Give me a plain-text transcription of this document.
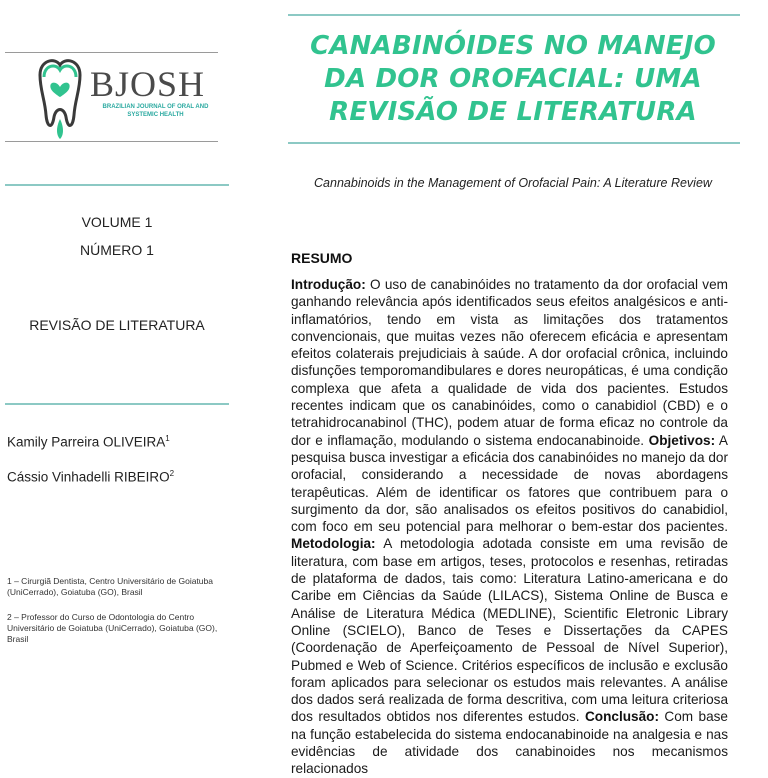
BJOSH
BRAZILIAN JOURNAL OF ORAL AND SYSTEMIC HEALTH
VOLUME 1
NÚMERO 1
REVISÃO DE LITERATURA
Kamily Parreira OLIVEIRA$^1$
Cássio Vinhadelli RIBEIRO$^2$
1 – Cirurgiã Dentista, Centro Universitário de Goiatuba (UniCerrado), Goiatuba (GO), Brasil
2 – Professor do Curso de Odontologia do Centro Universitário de Goiatuba (UniCerrado), Goiatuba (GO), Brasil
CANABINÓIDES NO MANEJO DA DOR OROFACIAL: UMA REVISÃO DE LITERATURA
Cannabinoids in the Management of Orofacial Pain: A Literature Review
RESUMO
Introdução: O uso de canabinóides no tratamento da dor orofacial vem ganhando relevância após identificados seus efeitos analgésicos e anti-inflamatórios, tendo em vista as limitações dos tratamentos convencionais, que muitas vezes não oferecem eficácia e apresentam efeitos colaterais prejudiciais à saúde. A dor orofacial crônica, incluindo disfunções temporomandibulares e dores neuropáticas, é uma condição complexa que afeta a qualidade de vida dos pacientes. Estudos recentes indicam que os canabinóides, como o canabidiol (CBD) e o tetrahidrocanabinol (THC), podem atuar de forma eficaz no controle da dor e inflamação, modulando o sistema endocanabinoide. Objetivos: A pesquisa busca investigar a eficácia dos canabinóides no manejo da dor orofacial, considerando a necessidade de novas abordagens terapêuticas. Além de identificar os fatores que contribuem para o surgimento da dor, são analisados os efeitos positivos do canabidiol, com foco em seu potencial para melhorar o bem-estar dos pacientes. Metodologia: A metodologia adotada consiste em uma revisão de literatura, com base em artigos, teses, protocolos e resenhas, retiradas de plataforma de dados, tais como: Literatura Latino-americana e do Caribe em Ciências da Saúde (LILACS), Sistema Online de Busca e Análise de Literatura Médica (MEDLINE), Scientific Eletronic Library Online (SCIELO), Banco de Teses e Dissertações da CAPES (Coordenação de Aperfeiçoamento de Pessoal de Nível Superior), Pubmed e Web of Science. Critérios específicos de inclusão e exclusão foram aplicados para selecionar os estudos mais relevantes. A análise dos dados será realizada de forma descritiva, com uma leitura criteriosa dos resultados obtidos nos diferentes estudos. Conclusão: Com base na função estabelecida do sistema endocanabinoide na analgesia e nas evidências de atividade dos canabinoides nos mecanismos relacionados
